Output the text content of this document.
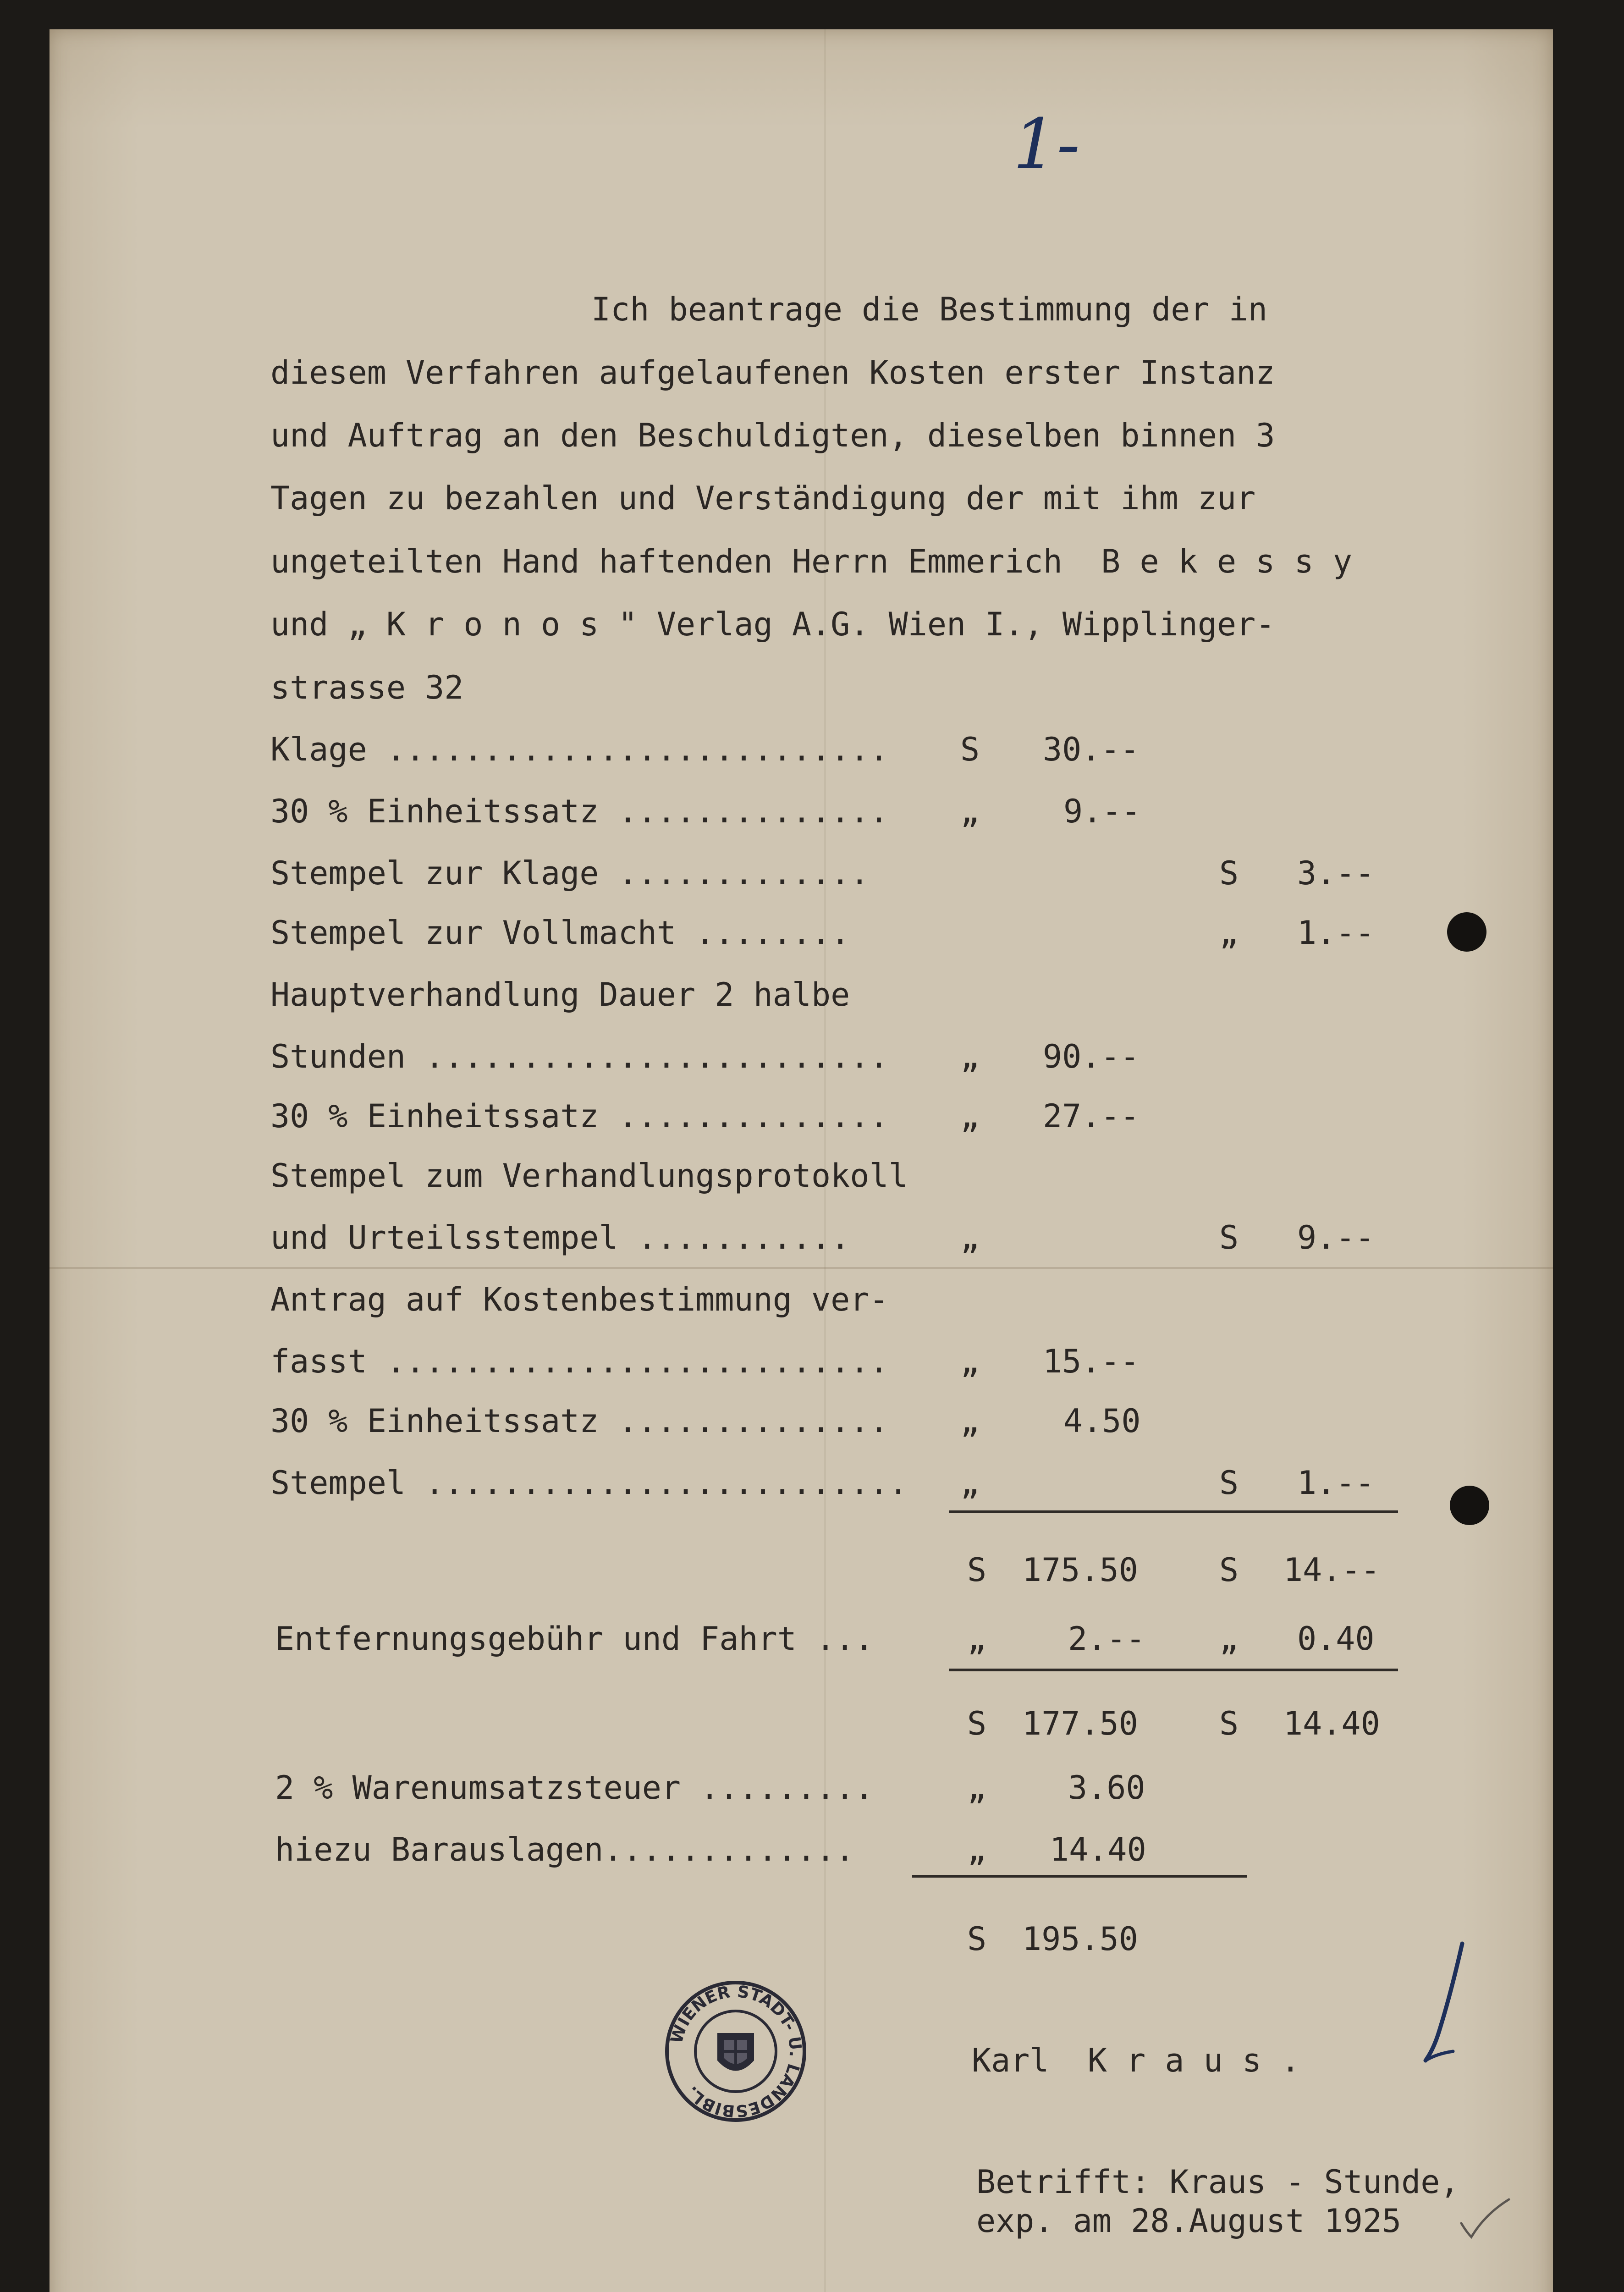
1-
Ich beantrage die Bestimmung der in
diesem Verfahren aufgelaufenen Kosten erster Instanz
und Auftrag an den Beschuldigten, dieselben binnen 3
Tagen zu bezahlen und Verständigung der mit ihm zur
ungeteilten Hand haftenden Herrn Emmerich  B e k e s s y
und „ K r o n o s " Verlag A.G. Wien I., Wipplinger-
strasse 32
Klage .......................... S 30.--
30 % Einheitssatz .............. „	9.--
Stempel zur Klage .............	S 3.--
Stempel zur Vollmacht ........	„ 1.--
Hauptverhandlung Dauer 2 halbe
Stunden ........................ „ 90.--
30 % Einheitssatz .............. „ 27.--
Stempel zum Verhandlungsprotokoll
und Urteilsstempel ...........	„	S 9.--
Antrag auf Kostenbestimmung ver-
fasst .......................... „ 15.--
30 % Einheitssatz .............. „	4.50
Stempel ......................... „	S 1.--
S 175.50	S 14.--
Entfernungsgebühr und Fahrt ...	„	2.-- „ 0.40
S 177.50	S 14.40
2 % Warenumsatzsteuer .........	„	3.60
hiezu Barauslagen.............	„ 14.40
S 195.50
WIENER STADT- U. LANDESBIBL.
Karl  K r a u s .
Betrifft: Kraus - Stunde,
exp. am 28.August 1925
